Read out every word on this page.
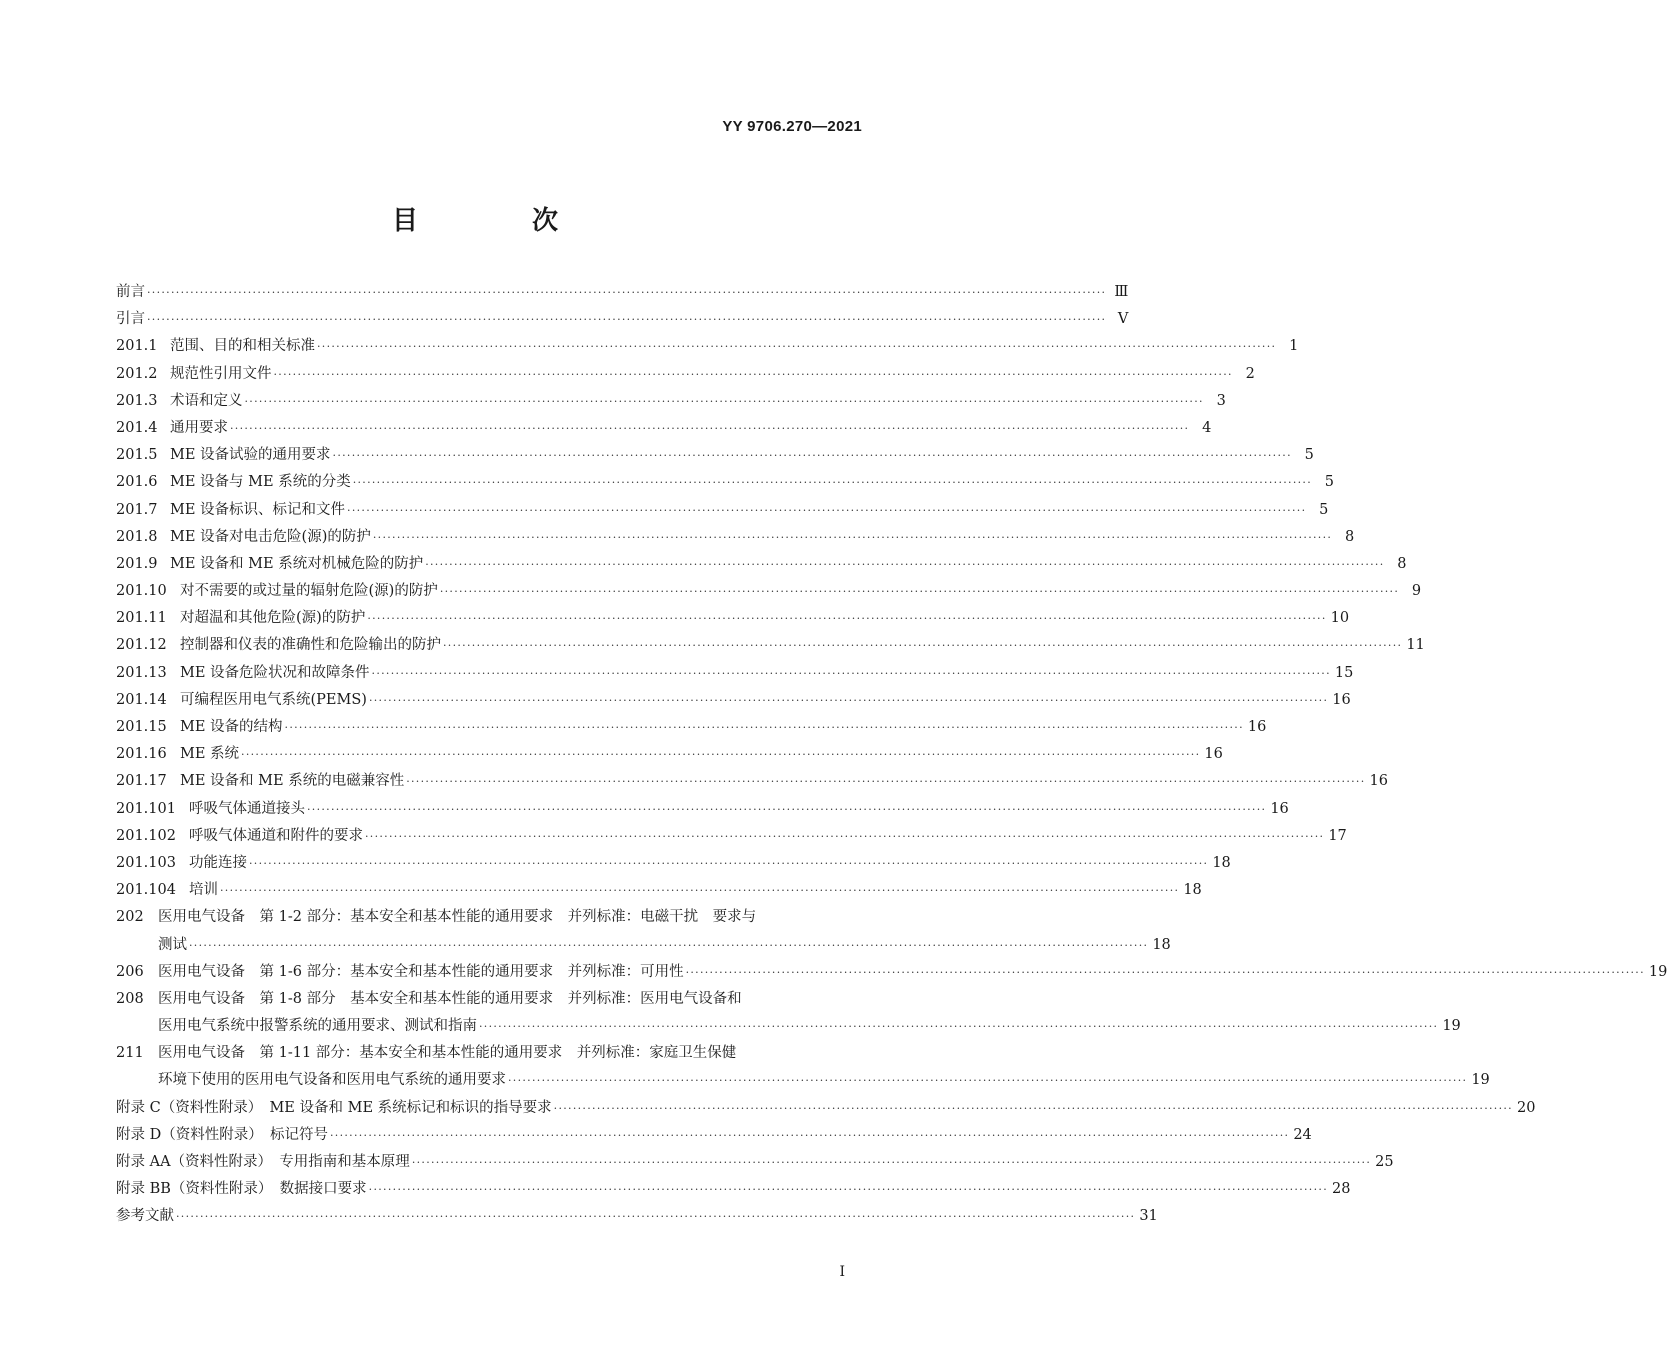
YY 9706.270—2021
目　次
前言 ········································································································································································································ Ⅲ
引言 ········································································································································································································ Ⅴ
201.1 范围、目的和相关标准 ········································································································································································································ 1
201.2 规范性引用文件 ········································································································································································································ 2
201.3 术语和定义 ········································································································································································································ 3
201.4 通用要求 ········································································································································································································ 4
201.5 ME 设备试验的通用要求 ········································································································································································································ 5
201.6 ME 设备与 ME 系统的分类 ········································································································································································································ 5
201.7 ME 设备标识、标记和文件 ········································································································································································································ 5
201.8 ME 设备对电击危险(源)的防护 ········································································································································································································ 8
201.9 ME 设备和 ME 系统对机械危险的防护 ········································································································································································································ 8
201.10 对不需要的或过量的辐射危险(源)的防护 ········································································································································································································ 9
201.11 对超温和其他危险(源)的防护 ········································································································································································································ 10
201.12 控制器和仪表的准确性和危险输出的防护 ········································································································································································································ 11
201.13 ME 设备危险状况和故障条件 ········································································································································································································ 15
201.14 可编程医用电气系统(PEMS) ········································································································································································································ 16
201.15 ME 设备的结构 ········································································································································································································ 16
201.16 ME 系统 ········································································································································································································ 16
201.17 ME 设备和 ME 系统的电磁兼容性 ········································································································································································································ 16
201.101 呼吸气体通道接头 ········································································································································································································ 16
201.102 呼吸气体通道和附件的要求 ········································································································································································································ 17
201.103 功能连接 ········································································································································································································ 18
201.104 培训 ········································································································································································································ 18
202 医用电气设备　第 1-2 部分：基本安全和基本性能的通用要求　并列标准：电磁干扰　要求与
测试 ········································································································································································································ 18
206 医用电气设备　第 1-6 部分：基本安全和基本性能的通用要求　并列标准：可用性 ········································································································································································································ 19
208 医用电气设备　第 1-8 部分　基本安全和基本性能的通用要求　并列标准：医用电气设备和
医用电气系统中报警系统的通用要求、测试和指南 ········································································································································································································ 19
211 医用电气设备　第 1-11 部分：基本安全和基本性能的通用要求　并列标准：家庭卫生保健
环境下使用的医用电气设备和医用电气系统的通用要求 ········································································································································································································ 19
附录 C（资料性附录）　ME 设备和 ME 系统标记和标识的指导要求 ········································································································································································································ 20
附录 D（资料性附录）　标记符号 ········································································································································································································ 24
附录 AA（资料性附录）　专用指南和基本原理 ········································································································································································································ 25
附录 BB（资料性附录）　数据接口要求 ········································································································································································································ 28
参考文献 ········································································································································································································ 31
I
